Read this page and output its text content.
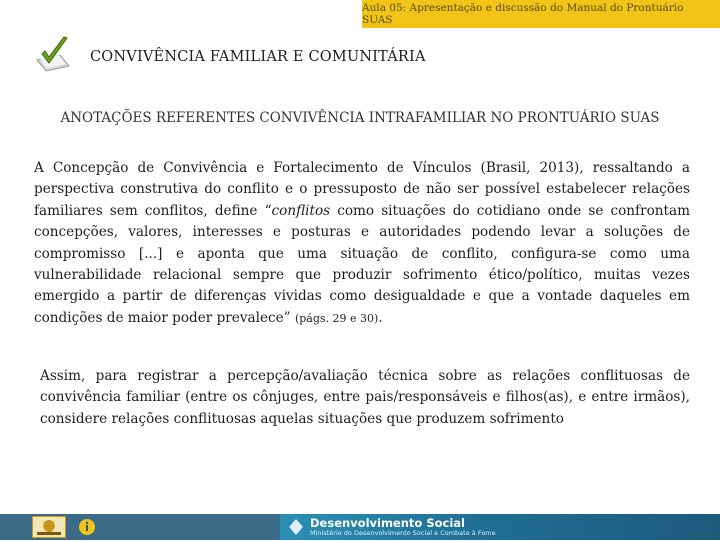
Aula 05: Apresentação e discussão do Manual do Prontuário SUAS
CONVIVÊNCIA FAMILIAR E COMUNITÁRIA
ANOTAÇÕES REFERENTES CONVIVÊNCIA INTRAFAMILIAR NO PRONTUÁRIO SUAS
A Concepção de Convivência e Fortalecimento de Vínculos (Brasil, 2013), ressaltando a perspectiva construtiva do conflito e o pressuposto de não ser possível estabelecer relações familiares sem conflitos, define “conflitos como situações do cotidiano onde se confrontam concepções, valores, interesses e posturas e autoridades podendo levar a soluções de compromisso [...] e aponta que uma situação de conflito, configura-se como uma vulnerabilidade relacional sempre que produzir sofrimento ético/político, muitas vezes emergido a partir de diferenças vividas como desigualdade e que a vontade daqueles em condições de maior poder prevalece” (págs. 29 e 30).
Assim, para registrar a percepção/avaliação técnica sobre as relações conflituosas de convivência familiar (entre os cônjuges, entre pais/responsáveis e filhos(as), e entre irmãos), considere relações conflituosas aquelas situações que produzem sofrimento
Desenvolvimento Social
Ministério do Desenvolvimento Social e Combate à Fome
